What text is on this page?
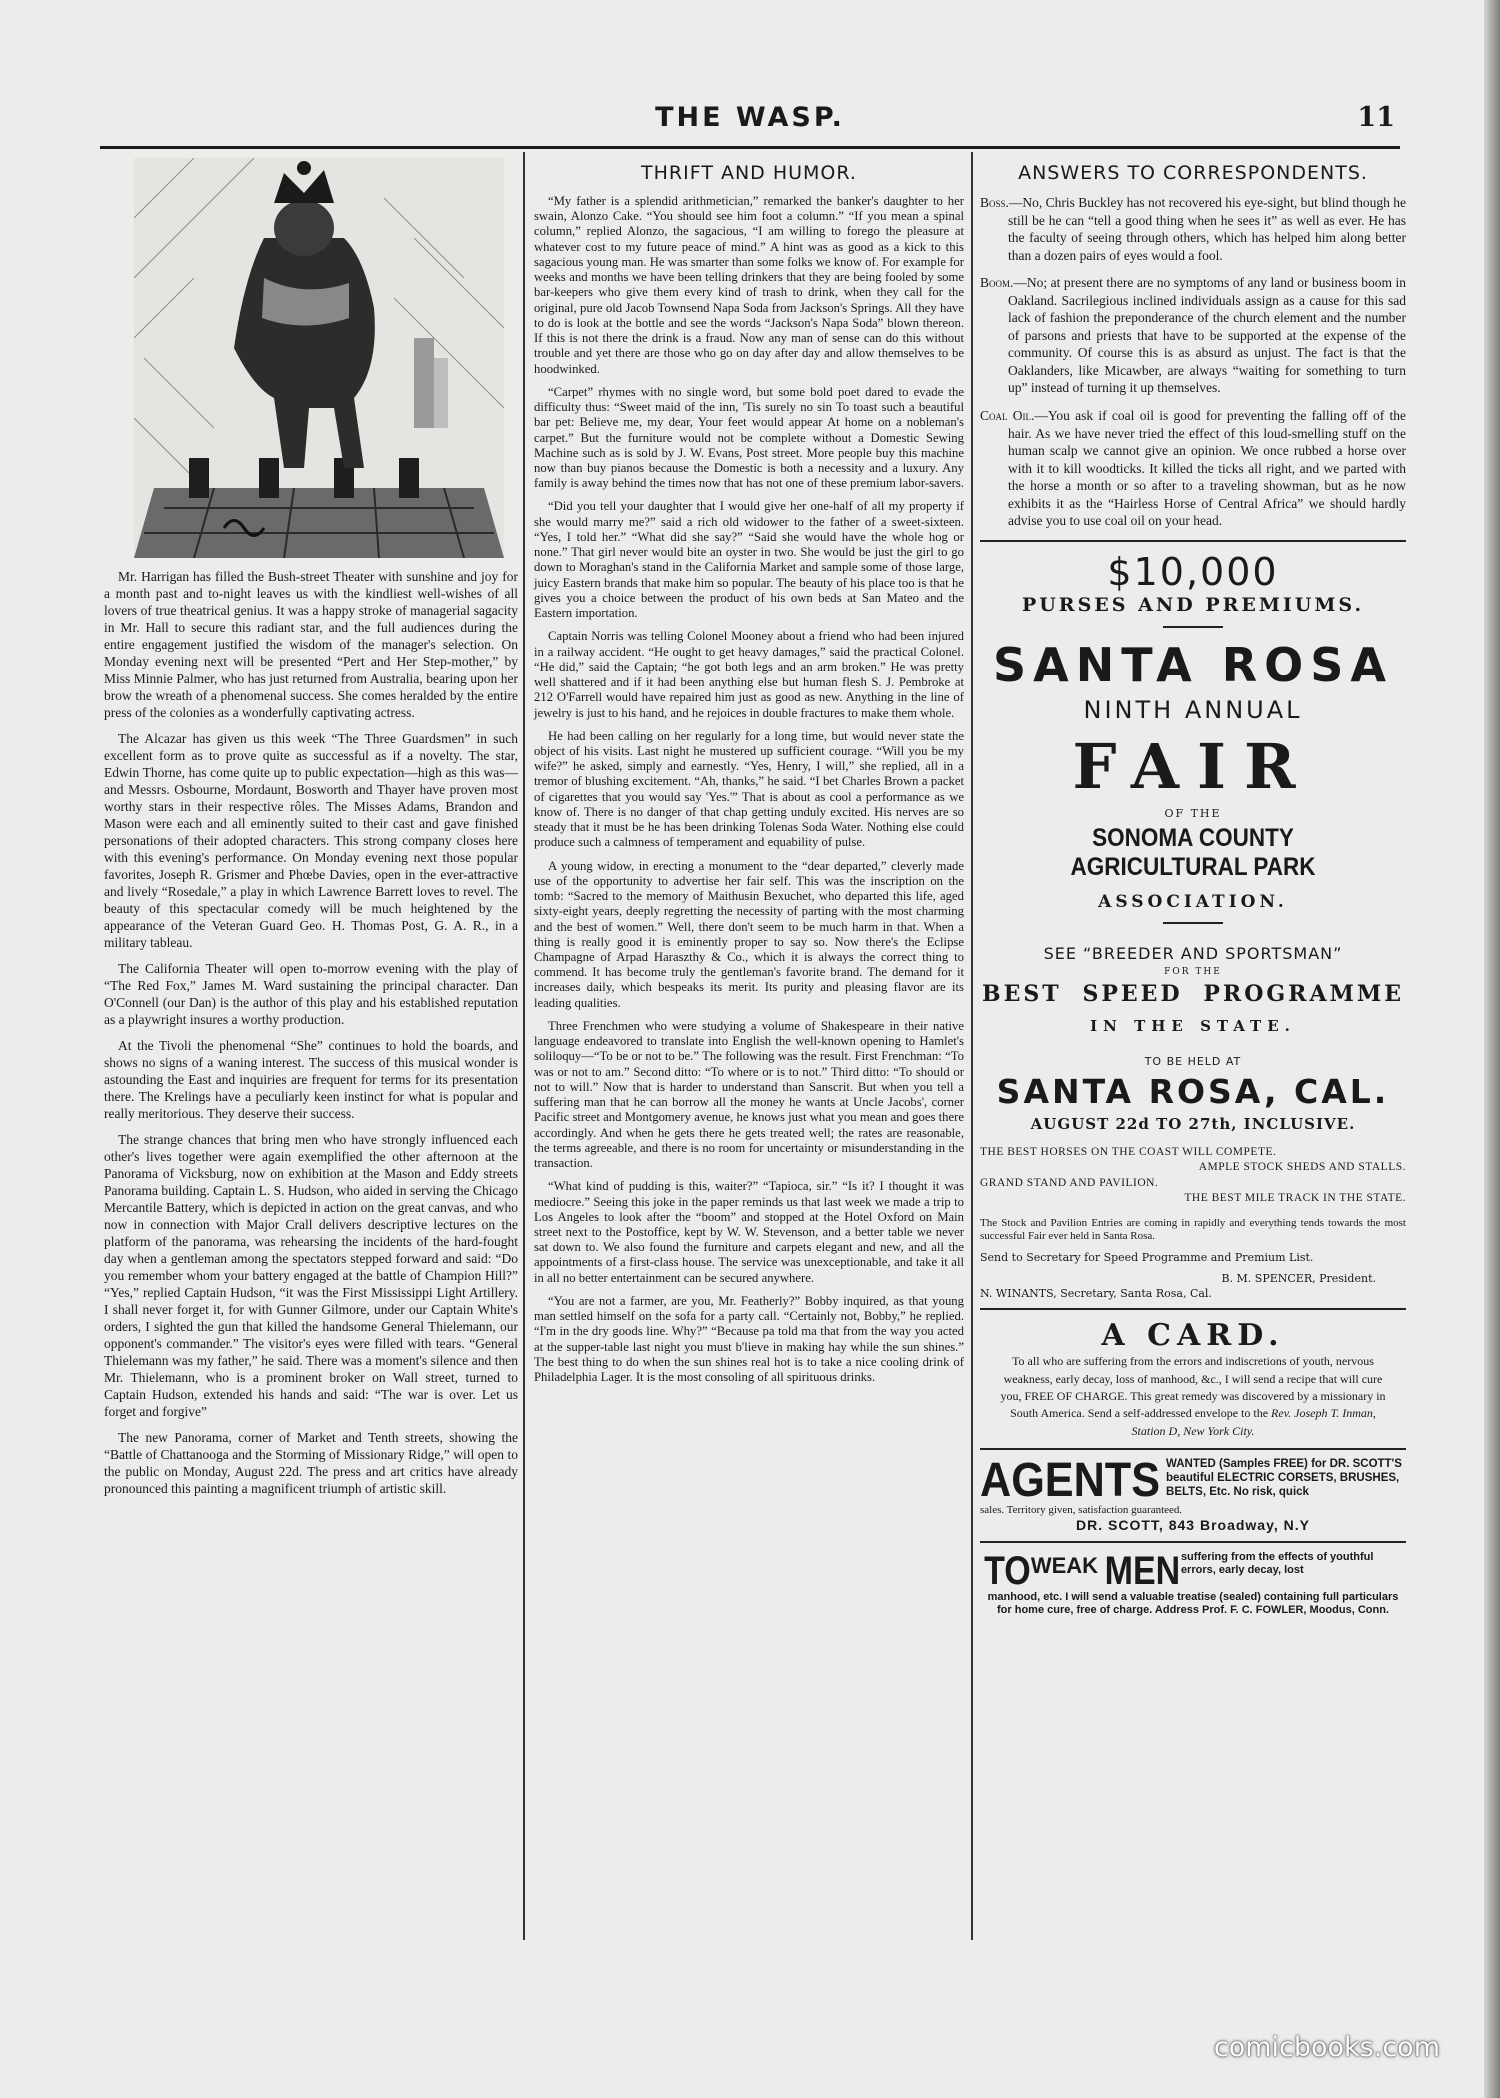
THE WASP.	11

Mr. Harrigan has filled the Bush-street Theater with sunshine and joy for a month past and to-night leaves us with the kindliest well-wishes of all lovers of true theatrical genius. It was a happy stroke of managerial sagacity in Mr. Hall to secure this radiant star, and the full audiences during the entire engagement justified the wisdom of the manager's selection. On Monday evening next will be presented “Pert and Her Step-mother,” by Miss Minnie Palmer, who has just returned from Australia, bearing upon her brow the wreath of a phenomenal success. She comes heralded by the entire press of the colonies as a wonderfully captivating actress.

The Alcazar has given us this week “The Three Guardsmen” in such excellent form as to prove quite as successful as if a novelty. The star, Edwin Thorne, has come quite up to public expectation—high as this was—and Messrs. Osbourne, Mordaunt, Bosworth and Thayer have proven most worthy stars in their respective rôles. The Misses Adams, Brandon and Mason were each and all eminently suited to their cast and gave finished personations of their adopted characters. This strong company closes here with this evening's performance. On Monday evening next those popular favorites, Joseph R. Grismer and Phœbe Davies, open in the ever-attractive and lively “Rosedale,” a play in which Lawrence Barrett loves to revel. The beauty of this spectacular comedy will be much heightened by the appearance of the Veteran Guard Geo. H. Thomas Post, G. A. R., in a military tableau.

The California Theater will open to-morrow evening with the play of “The Red Fox,” James M. Ward sustaining the principal character. Dan O'Connell (our Dan) is the author of this play and his established reputation as a playwright insures a worthy production.

At the Tivoli the phenomenal “She” continues to hold the boards, and shows no signs of a waning interest. The success of this musical wonder is astounding the East and inquiries are frequent for terms for its presentation there. The Krelings have a peculiarly keen instinct for what is popular and really meritorious. They deserve their success.

The strange chances that bring men who have strongly influenced each other's lives together were again exemplified the other afternoon at the Panorama of Vicksburg, now on exhibition at the Mason and Eddy streets Panorama building. Captain L. S. Hudson, who aided in serving the Chicago Mercantile Battery, which is depicted in action on the great canvas, and who now in connection with Major Crall delivers descriptive lectures on the platform of the panorama, was rehearsing the incidents of the hard-fought day when a gentleman among the spectators stepped forward and said: “Do you remember whom your battery engaged at the battle of Champion Hill?” “Yes,” replied Captain Hudson, “it was the First Mississippi Light Artillery. I shall never forget it, for with Gunner Gilmore, under our Captain White's orders, I sighted the gun that killed the handsome General Thielemann, our opponent's commander.” The visitor's eyes were filled with tears. “General Thielemann was my father,” he said. There was a moment's silence and then Mr. Thielemann, who is a prominent broker on Wall street, turned to Captain Hudson, extended his hands and said: “The war is over. Let us forget and forgive”

The new Panorama, corner of Market and Tenth streets, showing the “Battle of Chattanooga and the Storming of Missionary Ridge,” will open to the public on Monday, August 22d. The press and art critics have already pronounced this painting a magnificent triumph of artistic skill.

THRIFT AND HUMOR.

“My father is a splendid arithmetician,” remarked the banker's daughter to her swain, Alonzo Cake. “You should see him foot a column.” “If you mean a spinal column,” replied Alonzo, the sagacious, “I am willing to forego the pleasure at whatever cost to my future peace of mind.” A hint was as good as a kick to this sagacious young man. He was smarter than some folks we know of. For example for weeks and months we have been telling drinkers that they are being fooled by some bar-keepers who give them every kind of trash to drink, when they call for the original, pure old Jacob Townsend Napa Soda from Jackson's Springs. All they have to do is look at the bottle and see the words “Jackson's Napa Soda” blown thereon. If this is not there the drink is a fraud. Now any man of sense can do this without trouble and yet there are those who go on day after day and allow themselves to be hoodwinked.

“Carpet” rhymes with no single word, but some bold poet dared to evade the difficulty thus: “Sweet maid of the inn, 'Tis surely no sin To toast such a beautiful bar pet: Believe me, my dear, Your feet would appear At home on a nobleman's carpet.” But the furniture would not be complete without a Domestic Sewing Machine such as is sold by J. W. Evans, Post street. More people buy this machine now than buy pianos because the Domestic is both a necessity and a luxury. Any family is away behind the times now that has not one of these premium labor-savers.

“Did you tell your daughter that I would give her one-half of all my property if she would marry me?” said a rich old widower to the father of a sweet-sixteen. “Yes, I told her.” “What did she say?” “Said she would have the whole hog or none.” That girl never would bite an oyster in two. She would be just the girl to go down to Moraghan's stand in the California Market and sample some of those large, juicy Eastern brands that make him so popular. The beauty of his place too is that he gives you a choice between the product of his own beds at San Mateo and the Eastern importation.

Captain Norris was telling Colonel Mooney about a friend who had been injured in a railway accident. “He ought to get heavy damages,” said the practical Colonel. “He did,” said the Captain; “he got both legs and an arm broken.” He was pretty well shattered and if it had been anything else but human flesh S. J. Pembroke at 212 O'Farrell would have repaired him just as good as new. Anything in the line of jewelry is just to his hand, and he rejoices in double fractures to make them whole.

He had been calling on her regularly for a long time, but would never state the object of his visits. Last night he mustered up sufficient courage. “Will you be my wife?” he asked, simply and earnestly. “Yes, Henry, I will,” she replied, all in a tremor of blushing excitement. “Ah, thanks,” he said. “I bet Charles Brown a packet of cigarettes that you would say 'Yes.'” That is about as cool a performance as we know of. There is no danger of that chap getting unduly excited. His nerves are so steady that it must be he has been drinking Tolenas Soda Water. Nothing else could produce such a calmness of temperament and equability of pulse.

A young widow, in erecting a monument to the “dear departed,” cleverly made use of the opportunity to advertise her fair self. This was the inscription on the tomb: “Sacred to the memory of Maithusin Bexuchet, who departed this life, aged sixty-eight years, deeply regretting the necessity of parting with the most charming and the best of women.” Well, there don't seem to be much harm in that. When a thing is really good it is eminently proper to say so. Now there's the Eclipse Champagne of Arpad Haraszthy & Co., which it is always the correct thing to commend. It has become truly the gentleman's favorite brand. The demand for it increases daily, which bespeaks its merit. Its purity and pleasing flavor are its leading qualities.

Three Frenchmen who were studying a volume of Shakespeare in their native language endeavored to translate into English the well-known opening to Hamlet's soliloquy—“To be or not to be.” The following was the result. First Frenchman: “To was or not to am.” Second ditto: “To where or is to not.” Third ditto: “To should or not to will.” Now that is harder to understand than Sanscrit. But when you tell a suffering man that he can borrow all the money he wants at Uncle Jacobs', corner Pacific street and Montgomery avenue, he knows just what you mean and goes there accordingly. And when he gets there he gets treated well; the rates are reasonable, the terms agreeable, and there is no room for uncertainty or misunderstanding in the transaction.

“What kind of pudding is this, waiter?” “Tapioca, sir.” “Is it? I thought it was mediocre.” Seeing this joke in the paper reminds us that last week we made a trip to Los Angeles to look after the “boom” and stopped at the Hotel Oxford on Main street next to the Postoffice, kept by W. W. Stevenson, and a better table we never sat down to. We also found the furniture and carpets elegant and new, and all the appointments of a first-class house. The service was unexceptionable, and take it all in all no better entertainment can be secured anywhere.

“You are not a farmer, are you, Mr. Featherly?” Bobby inquired, as that young man settled himself on the sofa for a party call. “Certainly not, Bobby,” he replied. “I'm in the dry goods line. Why?” “Because pa told ma that from the way you acted at the supper-table last night you must b'lieve in making hay while the sun shines.” The best thing to do when the sun shines real hot is to take a nice cooling drink of Philadelphia Lager. It is the most consoling of all spirituous drinks.

ANSWERS TO CORRESPONDENTS.

Boss.—No, Chris Buckley has not recovered his eye-sight, but blind though he still be he can “tell a good thing when he sees it” as well as ever. He has the faculty of seeing through others, which has helped him along better than a dozen pairs of eyes would a fool.

Boom.—No; at present there are no symptoms of any land or business boom in Oakland. Sacrilegious inclined individuals assign as a cause for this sad lack of fashion the preponderance of the church element and the number of parsons and priests that have to be supported at the expense of the community. Of course this is as absurd as unjust. The fact is that the Oaklanders, like Micawber, are always “waiting for something to turn up” instead of turning it up themselves.

Coal Oil.—You ask if coal oil is good for preventing the falling off of the hair. As we have never tried the effect of this loud-smelling stuff on the human scalp we cannot give an opinion. We once rubbed a horse over with it to kill woodticks. It killed the ticks all right, and we parted with the horse a month or so after to a traveling showman, but as he now exhibits it as the “Hairless Horse of Central Africa” we should hardly advise you to use coal oil on your head.

$10,000
PURSES AND PREMIUMS.
SANTA ROSA
NINTH ANNUAL
FAIR
OF THE
SONOMA COUNTY AGRICULTURAL PARK
ASSOCIATION.
SEE “BREEDER AND SPORTSMAN”
FOR THE
BEST SPEED PROGRAMME
IN THE STATE.
TO BE HELD AT
SANTA ROSA, CAL.
AUGUST 22d TO 27th, INCLUSIVE.
THE BEST HORSES ON THE COAST WILL COMPETE.
AMPLE STOCK SHEDS AND STALLS.
GRAND STAND AND PAVILION.
THE BEST MILE TRACK IN THE STATE.
The Stock and Pavilion Entries are coming in rapidly and everything tends towards the most successful Fair ever held in Santa Rosa.
Send to Secretary for Speed Programme and Premium List.
B. M. SPENCER, President.
N. WINANTS, Secretary, Santa Rosa, Cal.
A CARD.
To all who are suffering from the errors and indiscretions of youth, nervous weakness, early decay, loss of manhood, &c., I will send a recipe that will cure you, FREE OF CHARGE. This great remedy was discovered by a missionary in South America. Send a self-addressed envelope to the Rev. Joseph T. Inman, Station D, New York City.
AGENTS WANTED (Samples FREE) for DR. SCOTT'S beautiful ELECTRIC CORSETS, BRUSHES, BELTS, Etc. No risk, quick
sales. Territory given, satisfaction guaranteed.
DR. SCOTT, 843 Broadway, N.Y
TO WEAK MEN suffering from the effects of youthful errors, early decay, lost
manhood, etc. I will send a valuable treatise (sealed) containing full particulars for home cure, free of charge. Address Prof. F. C. FOWLER, Moodus, Conn.
comicbooks.com
